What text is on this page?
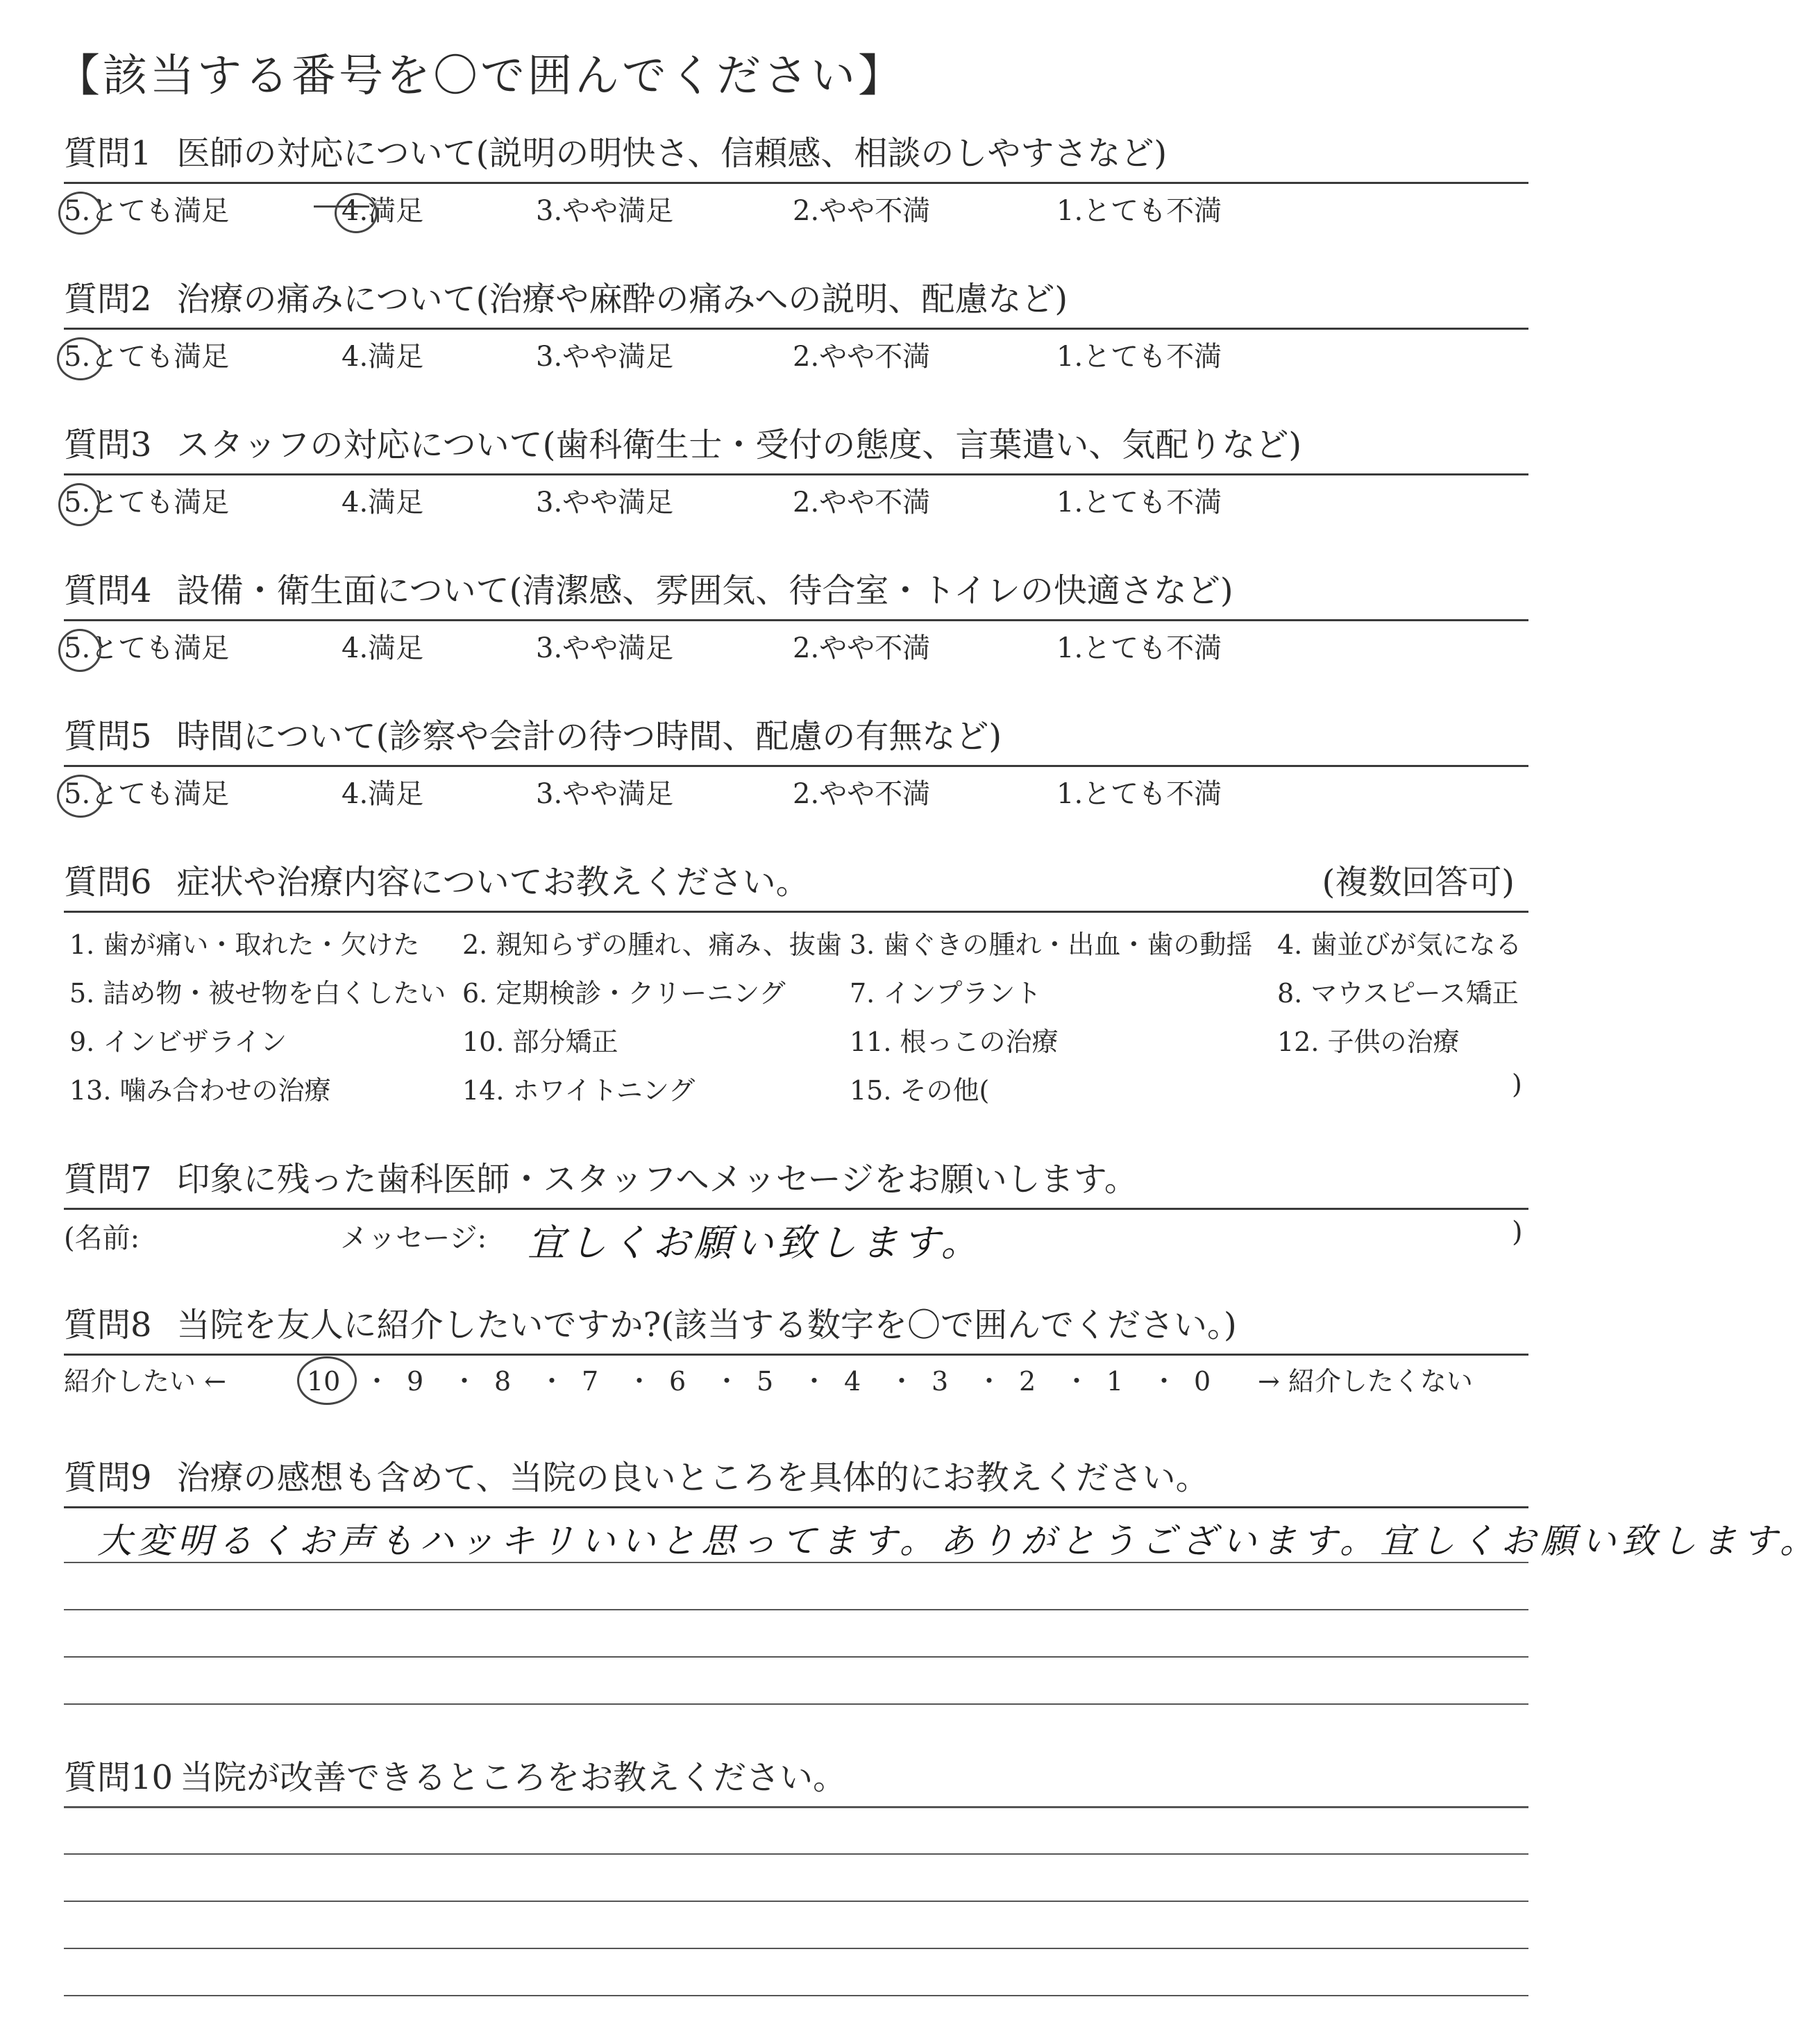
【該当する番号を〇で囲んでください】
質問1 医師の対応について(説明の明快さ、信頼感、相談のしやすさなど)
5.とても満足	4.満足	3.やや満足	2.やや不満	1.とても不満
質問2 治療の痛みについて(治療や麻酔の痛みへの説明、配慮など)
5.とても満足	4.満足	3.やや満足	2.やや不満	1.とても不満
質問3 スタッフの対応について(歯科衛生士・受付の態度、言葉遣い、気配りなど)
5.とても満足	4.満足	3.やや満足	2.やや不満	1.とても不満
質問4 設備・衛生面について(清潔感、雰囲気、待合室・トイレの快適さなど)
5.とても満足	4.満足	3.やや満足	2.やや不満	1.とても不満
質問5 時間について(診察や会計の待つ時間、配慮の有無など)
5.とても満足	4.満足	3.やや満足	2.やや不満	1.とても不満
質問6 症状や治療内容についてお教えください。	(複数回答可)
1. 歯が痛い・取れた・欠けた 2. 親知らずの腫れ、痛み、抜歯 3. 歯ぐきの腫れ・出血・歯の動揺 4. 歯並びが気になる
5. 詰め物・被せ物を白くしたい 6. 定期検診・クリーニング 7. インプラント	8. マウスピース矯正
9. インビザライン	10. 部分矯正	11. 根っこの治療	12. 子供の治療
13. 噛み合わせの治療	14. ホワイトニング	15. その他(	)
質問7 印象に残った歯科医師・スタッフへメッセージをお願いします。
(名前:	メッセージ: 宜しくお願い致します。	)
質問8 当院を友人に紹介したいですか?(該当する数字を〇で囲んでください。)
紹介したい ←	10 ・ 9 ・ 8 ・ 7 ・ 6 ・ 5 ・ 4 ・ 3 ・ 2 ・ 1 ・ 0 → 紹介したくない
質問9 治療の感想も含めて、当院の良いところを具体的にお教えください。
大変明るくお声もハッキリいいと思ってます。ありがとうございます。宜しくお願い致します。
質問10 当院が改善できるところをお教えください。
